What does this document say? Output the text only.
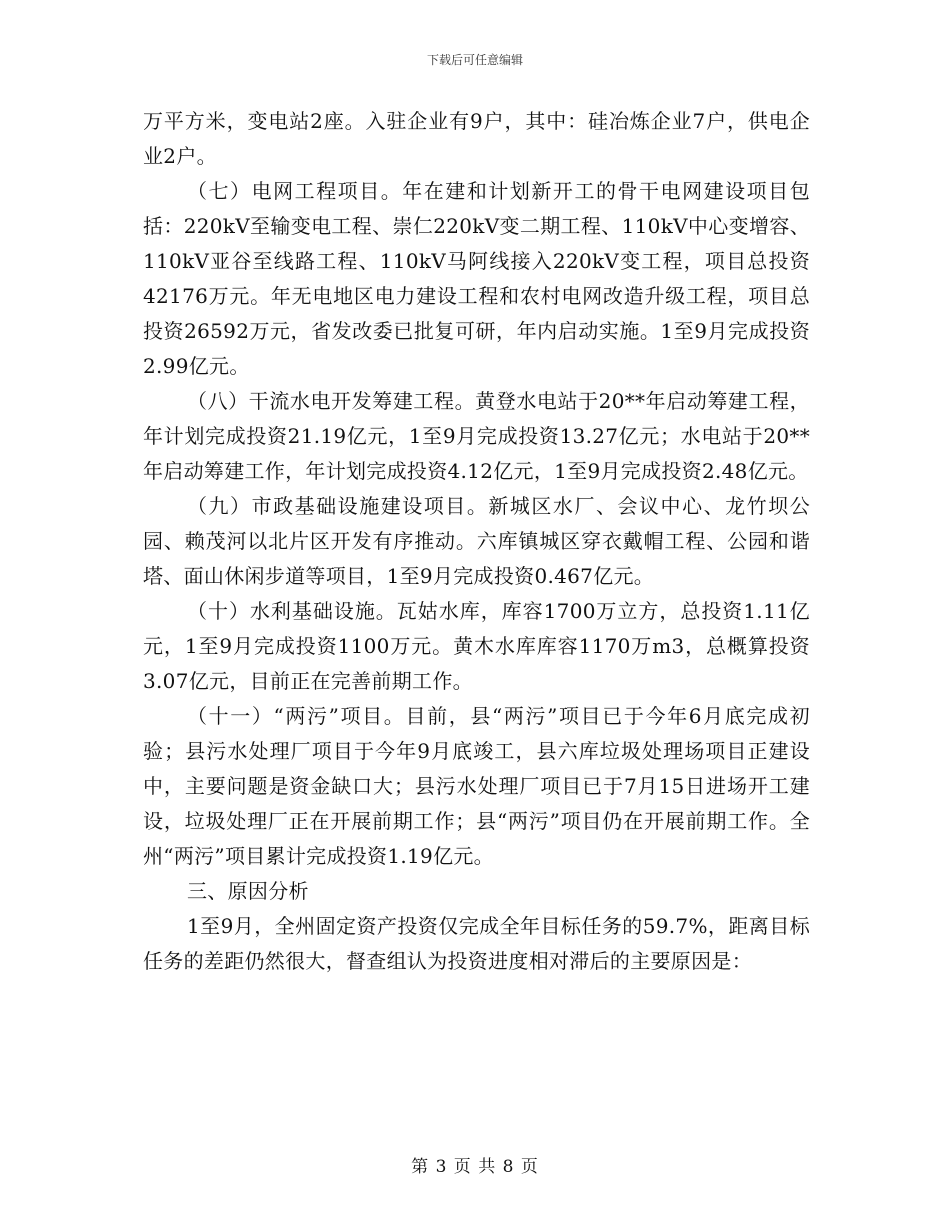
下载后可任意编辑

万平方米，变电站2座。入驻企业有9户，其中：硅冶炼企业7户，供电企业2户。

（七）电网工程项目。年在建和计划新开工的骨干电网建设项目包括：220kV至输变电工程、崇仁220kV变二期工程、110kV中心变增容、110kV亚谷至线路工程、110kV马阿线接入220kV变工程，项目总投资42176万元。年无电地区电力建设工程和农村电网改造升级工程，项目总投资26592万元，省发改委已批复可研，年内启动实施。1至9月完成投资2.99亿元。

（八）干流水电开发筹建工程。黄登水电站于20**年启动筹建工程，年计划完成投资21.19亿元，1至9月完成投资13.27亿元；水电站于20**年启动筹建工作，年计划完成投资4.12亿元，1至9月完成投资2.48亿元。

（九）市政基础设施建设项目。新城区水厂、会议中心、龙竹坝公园、赖茂河以北片区开发有序推动。六库镇城区穿衣戴帽工程、公园和谐塔、面山休闲步道等项目，1至9月完成投资0.467亿元。

（十）水利基础设施。瓦姑水库，库容1700万立方，总投资1.11亿元，1至9月完成投资1100万元。黄木水库库容1170万m3，总概算投资3.07亿元，目前正在完善前期工作。

（十一）“两污”项目。目前，县“两污”项目已于今年6月底完成初验；县污水处理厂项目于今年9月底竣工，县六库垃圾处理场项目正建设中，主要问题是资金缺口大；县污水处理厂项目已于7月15日进场开工建设，垃圾处理厂正在开展前期工作；县“两污”项目仍在开展前期工作。全州“两污”项目累计完成投资1.19亿元。

三、原因分析

1至9月，全州固定资产投资仅完成全年目标任务的59.7%，距离目标任务的差距仍然很大，督查组认为投资进度相对滞后的主要原因是：

第 3 页 共 8 页
